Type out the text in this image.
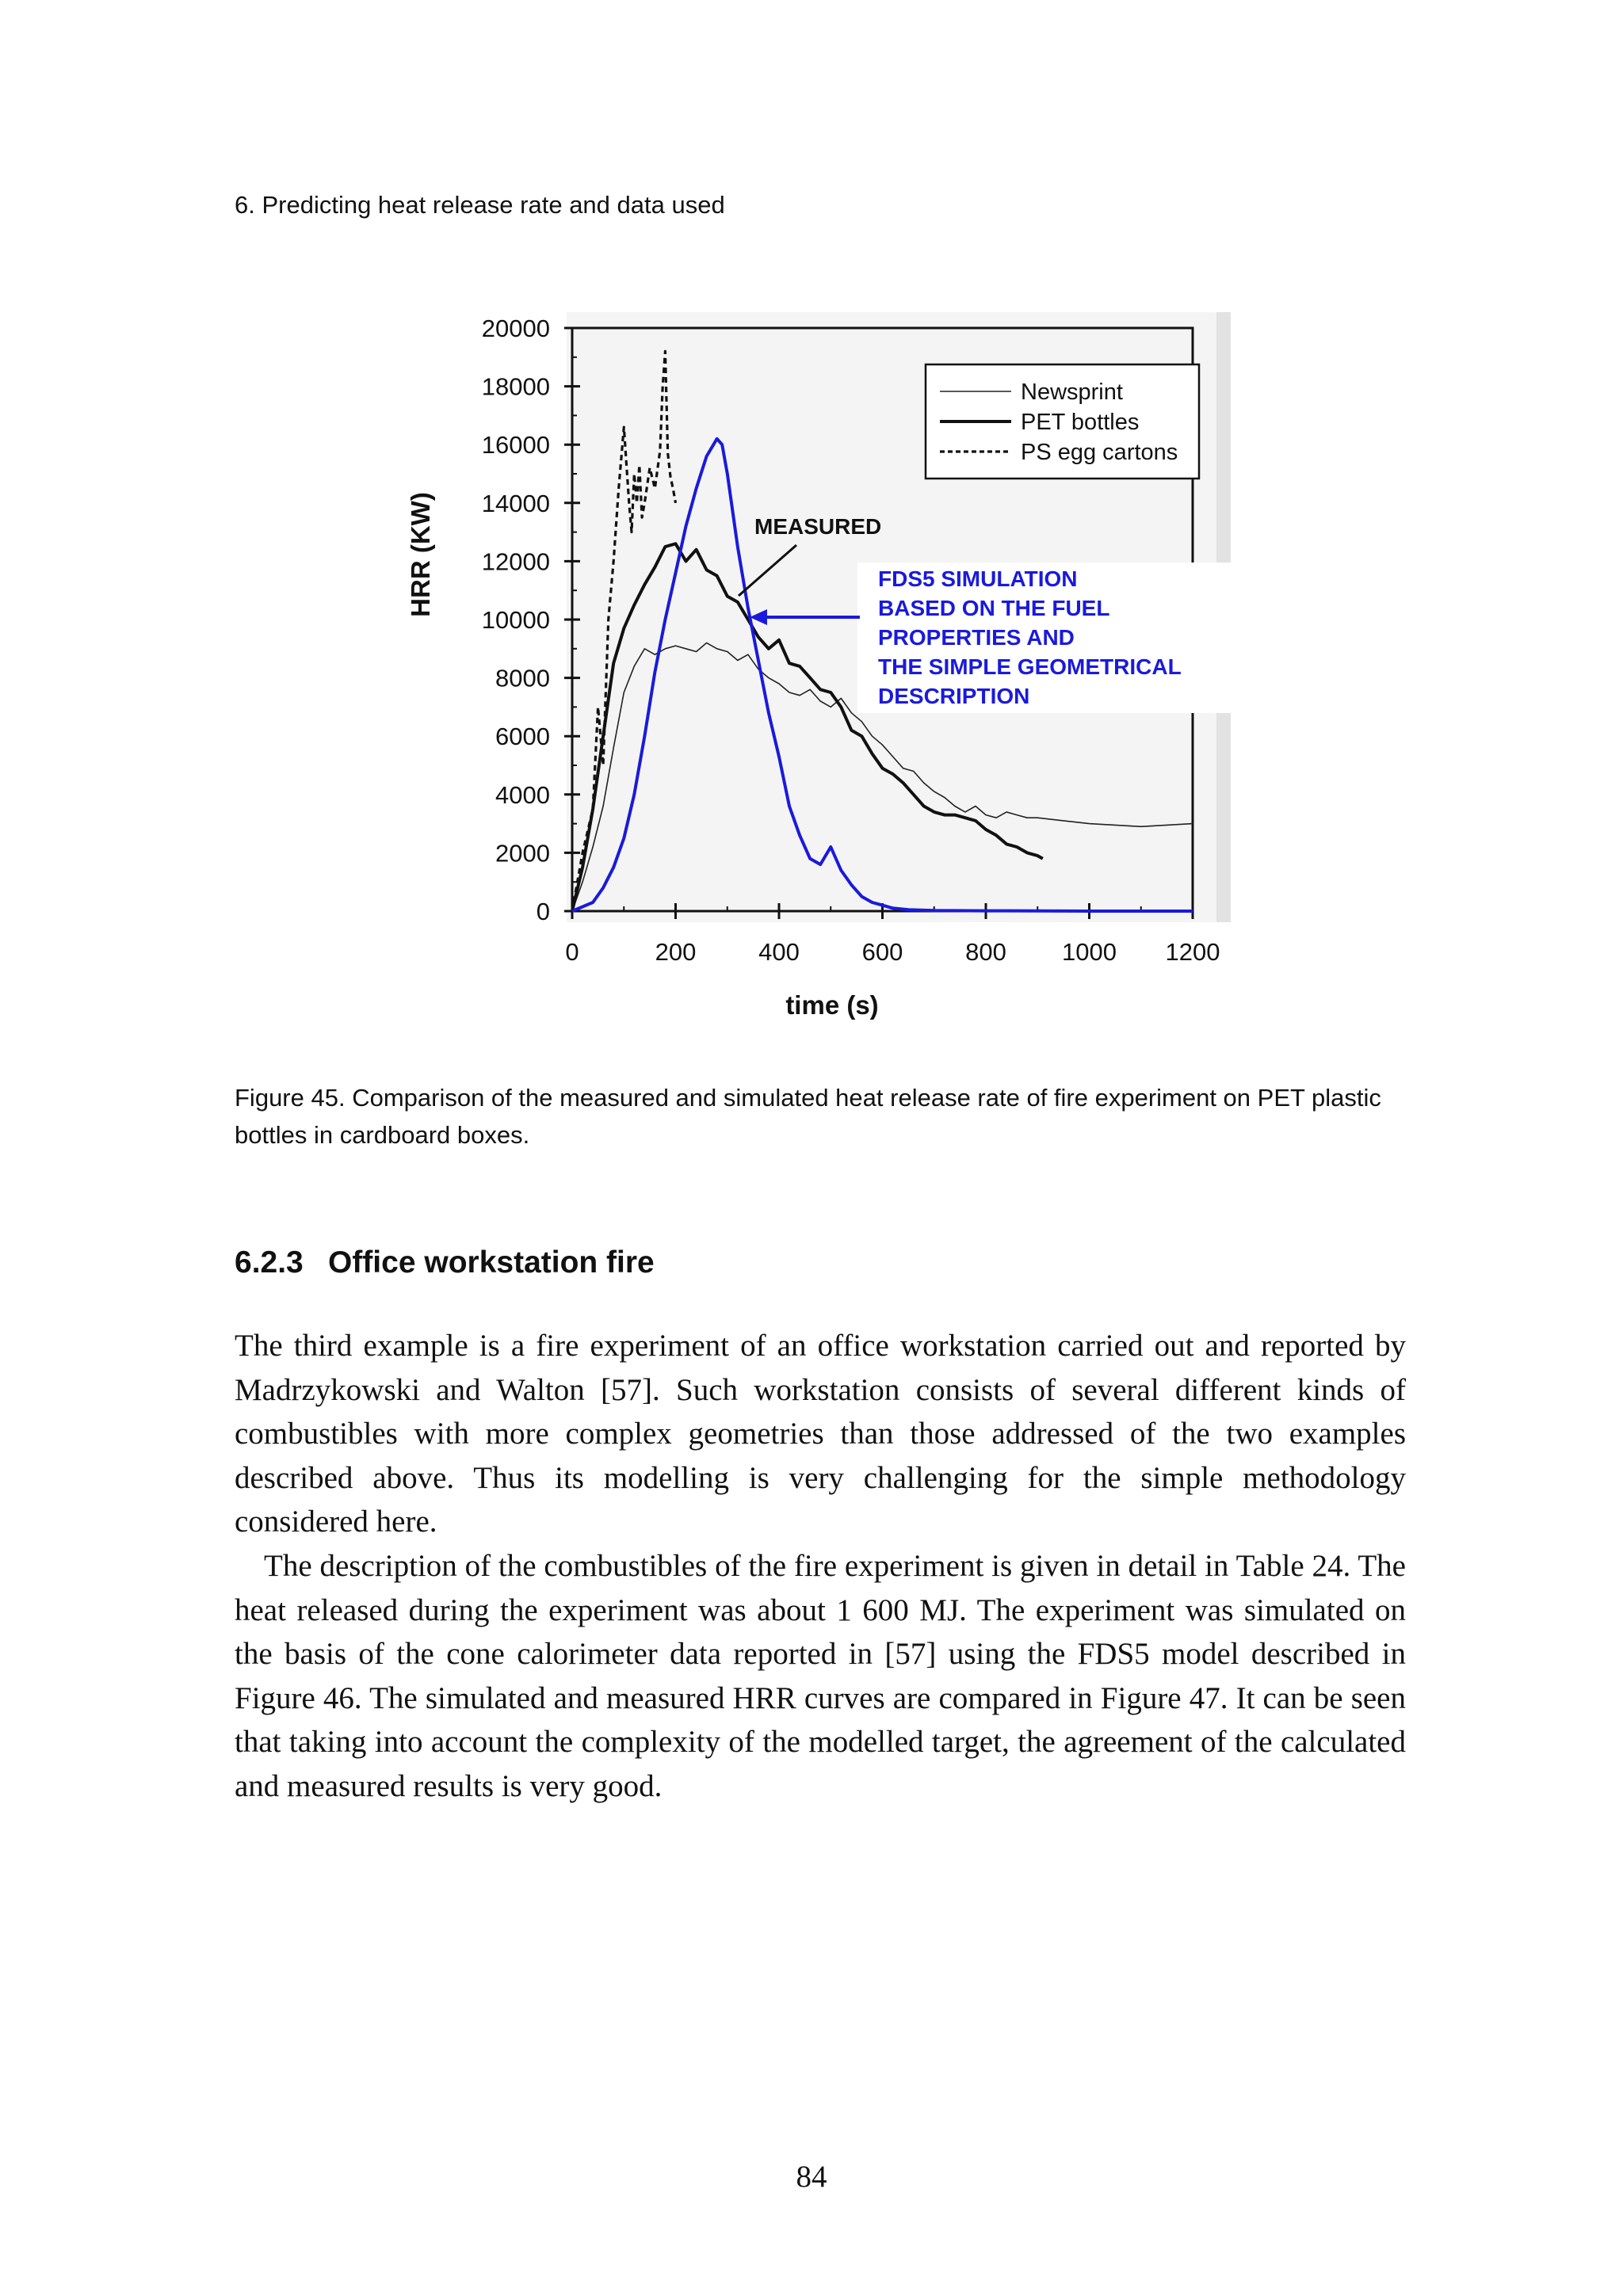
6. Predicting heat release rate and data used
0
2000
4000
6000
8000
10000
12000
14000
16000
18000
20000
0	200	400	600	800 1000 1200
Newsprint
PET bottles
PS egg cartons
MEASURED
FDS5 SIMULATION
BASED ON THE FUEL
PROPERTIES AND
THE SIMPLE GEOMETRICAL
DESCRIPTION
time (s)
HRR (KW)
Figure 45. Comparison of the measured and simulated heat release rate of fire experiment on PET plastic bottles in cardboard boxes.
6.2.3 Office workstation fire
The third example is a fire experiment of an office workstation carried out and reported by Madrzykowski and Walton [57]. Such workstation consists of several different kinds of combustibles with more complex geometries than those addressed of the two examples described above. Thus its modelling is very challenging for the simple methodology considered here.
The description of the combustibles of the fire experiment is given in detail in Table 24. The heat released during the experiment was about 1 600 MJ. The experiment was simulated on the basis of the cone calorimeter data reported in [57] using the FDS5 model described in Figure 46. The simulated and measured HRR curves are compared in Figure 47. It can be seen that taking into account the complexity of the modelled target, the agreement of the calculated and measured results is very good.
84
